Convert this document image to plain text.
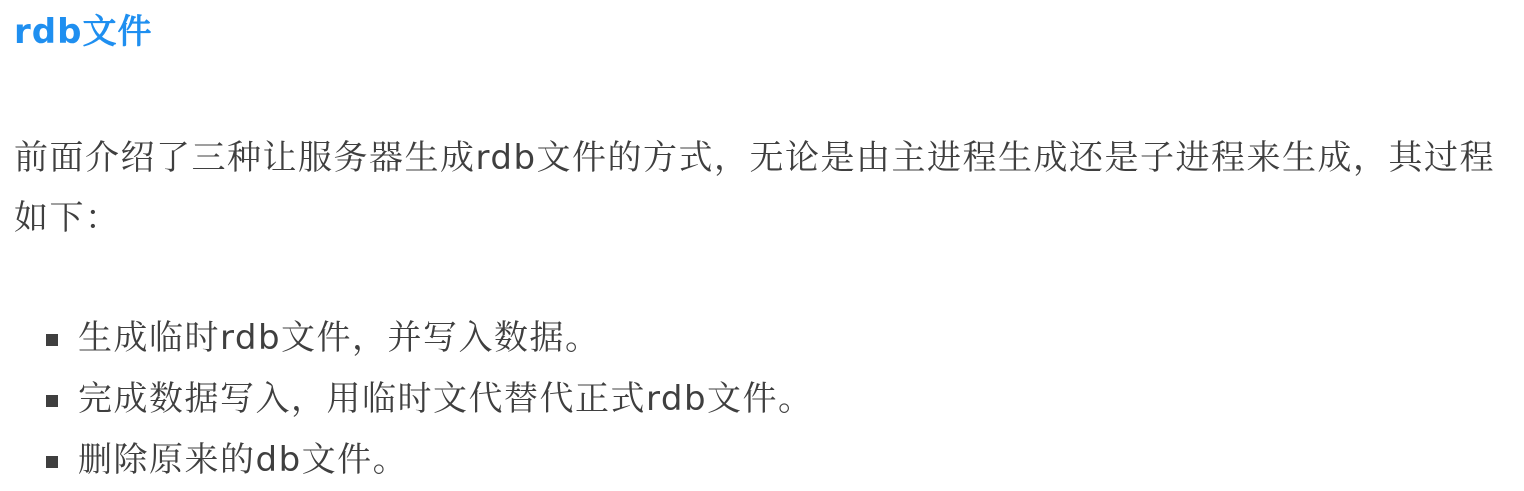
rdb文件

前面介绍了三种让服务器生成rdb文件的方式，无论是由主进程生成还是子进程来生成，其过程如下：

生成临时rdb文件，并写入数据。
完成数据写入，用临时文代替代正式rdb文件。
删除原来的db文件。
